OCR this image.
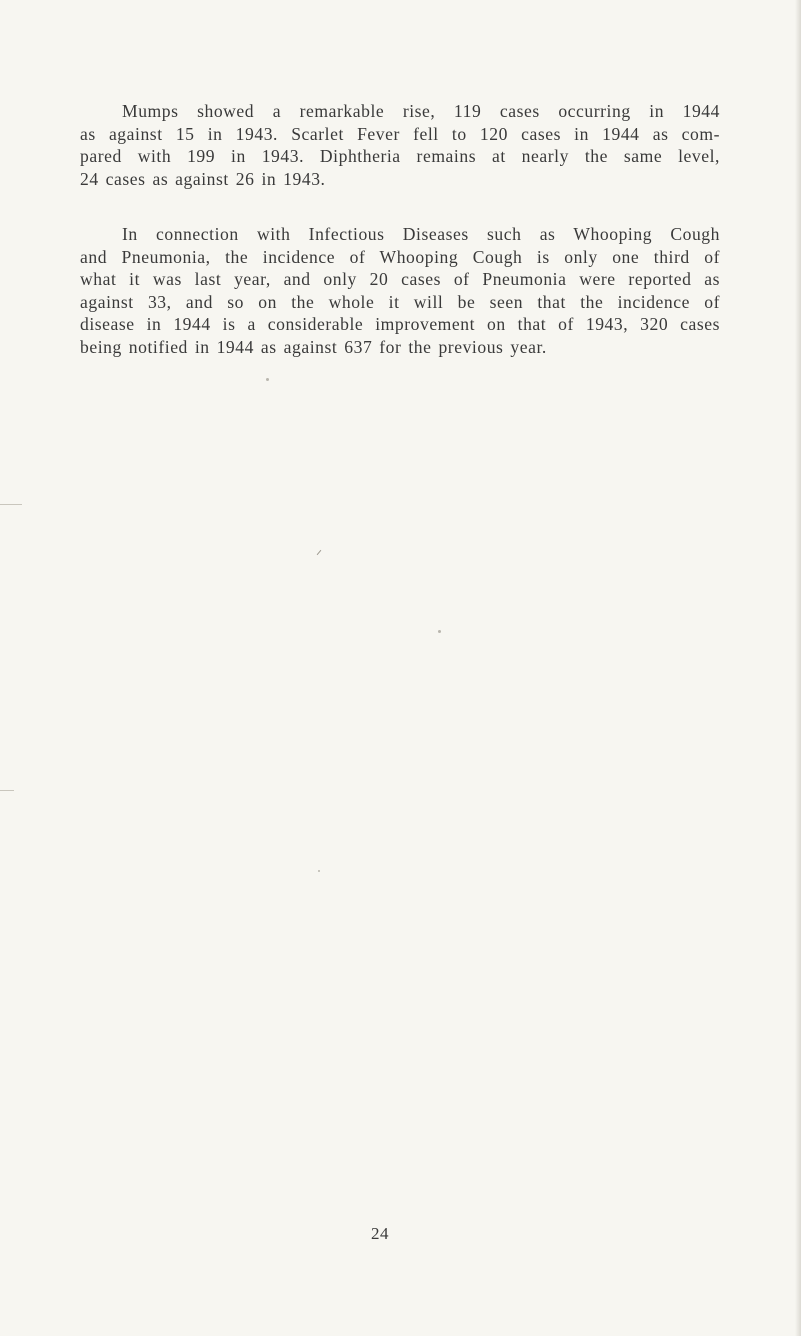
Mumps showed a remarkable rise, 119 cases occurring in 1944
as against 15 in 1943. Scarlet Fever fell to 120 cases in 1944 as com-
pared with 199 in 1943. Diphtheria remains at nearly the same level,
24 cases as against 26 in 1943.
In connection with Infectious Diseases such as Whooping Cough
and Pneumonia, the incidence of Whooping Cough is only one third of
what it was last year, and only 20 cases of Pneumonia were reported as
against 33, and so on the whole it will be seen that the incidence of
disease in 1944 is a considerable improvement on that of 1943, 320 cases
being notified in 1944 as against 637 for the previous year.
24
